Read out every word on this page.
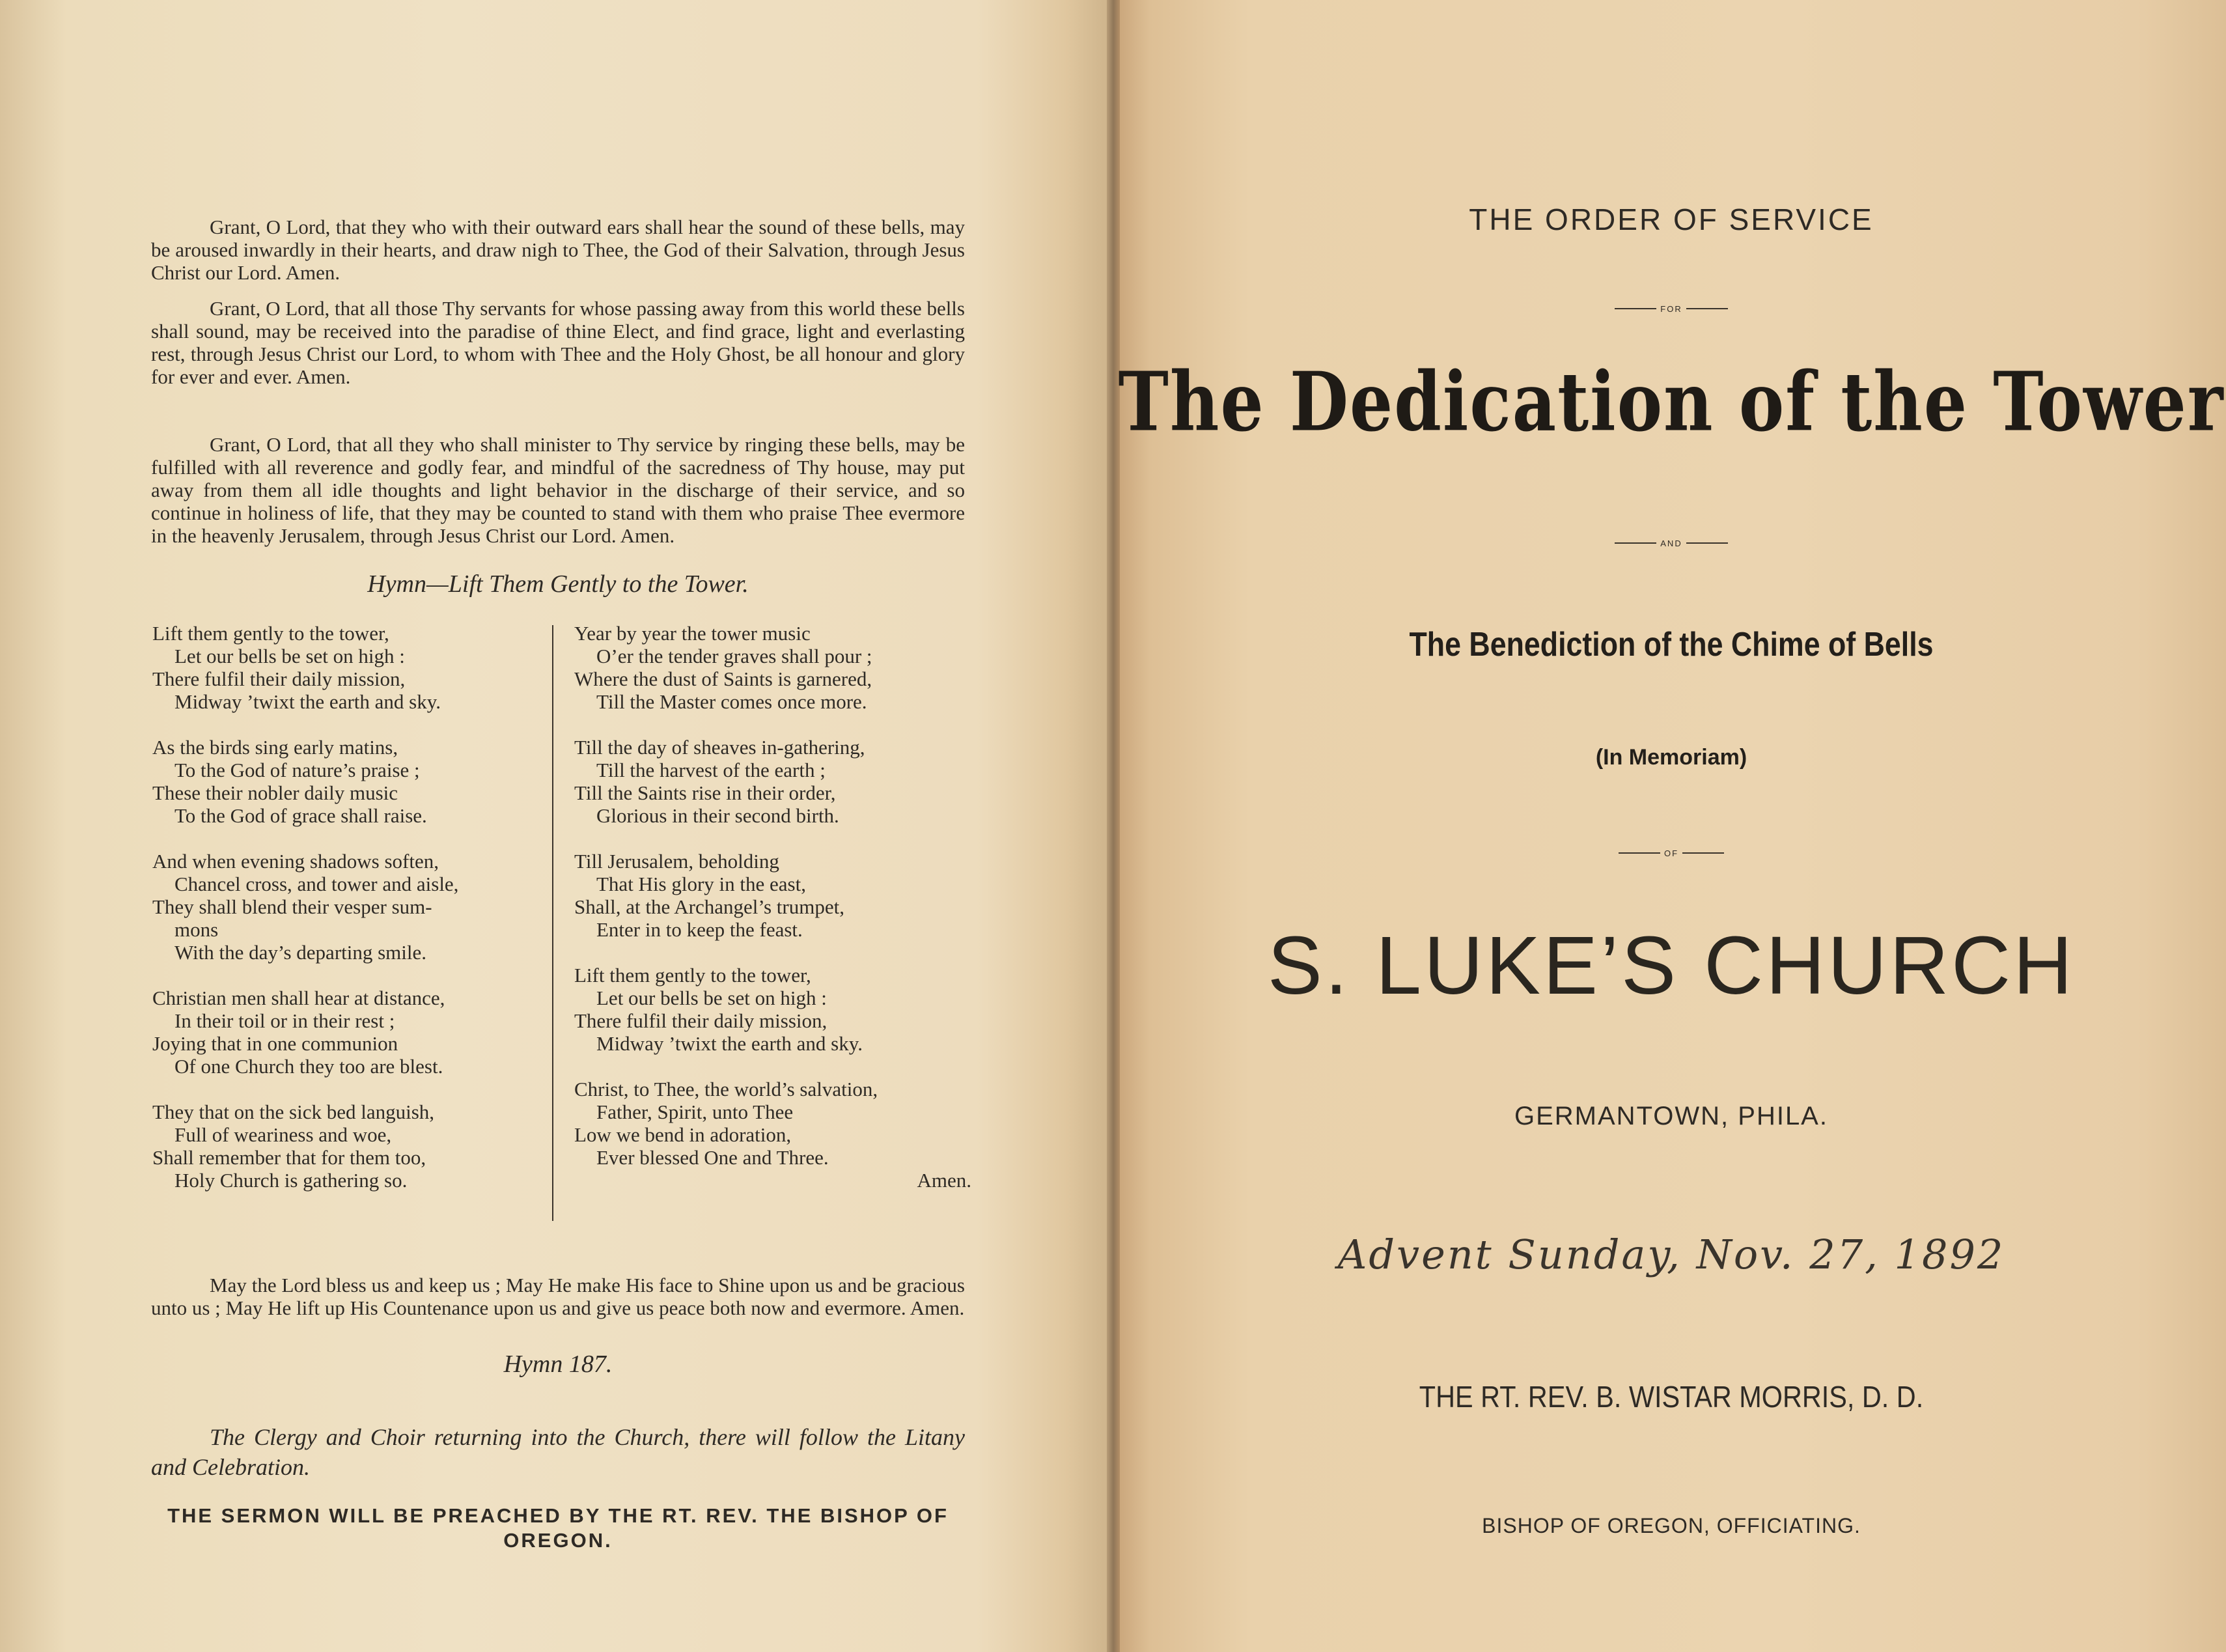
Grant, O Lord, that they who with their outward ears shall hear the sound of these bells, may be aroused inwardly in their hearts, and draw nigh to Thee, the God of their Salvation, through Jesus Christ our Lord. Amen.

Grant, O Lord, that all those Thy servants for whose passing away from this world these bells shall sound, may be received into the paradise of thine Elect, and find grace, light and everlasting rest, through Jesus Christ our Lord, to whom with Thee and the Holy Ghost, be all honour and glory for ever and ever. Amen.

Grant, O Lord, that all they who shall minister to Thy service by ringing these bells, may be fulfilled with all reverence and godly fear, and mindful of the sacredness of Thy house, may put away from them all idle thoughts and light behavior in the discharge of their service, and so continue in holiness of life, that they may be counted to stand with them who praise Thee evermore in the heavenly Jerusalem, through Jesus Christ our Lord. Amen.

Hymn—Lift Them Gently to the Tower.
Lift them gently to the tower,
Let our bells be set on high :
There fulfil their daily mission,
Midway ’twixt the earth and sky.
As the birds sing early matins,
To the God of nature’s praise ;
These their nobler daily music
To the God of grace shall raise.
And when evening shadows soften,
Chancel cross, and tower and aisle,
They shall blend their vesper sum-
mons
With the day’s departing smile.
Christian men shall hear at distance,
In their toil or in their rest ;
Joying that in one communion
Of one Church they too are blest.
They that on the sick bed languish,
Full of weariness and woe,
Shall remember that for them too,
Holy Church is gathering so.
Year by year the tower music
O’er the tender graves shall pour ;
Where the dust of Saints is garnered,
Till the Master comes once more.
Till the day of sheaves in-gathering,
Till the harvest of the earth ;
Till the Saints rise in their order,
Glorious in their second birth.
Till Jerusalem, beholding
That His glory in the east,
Shall, at the Archangel’s trumpet,
Enter in to keep the feast.
Lift them gently to the tower,
Let our bells be set on high :
There fulfil their daily mission,
Midway ’twixt the earth and sky.
Christ, to Thee, the world’s salvation,
Father, Spirit, unto Thee
Low we bend in adoration,
Ever blessed One and Three.
Amen.

May the Lord bless us and keep us ; May He make His face to Shine upon us and be gracious unto us ; May He lift up His Countenance upon us and give us peace both now and evermore. Amen.

Hymn 187.

The Clergy and Choir returning into the Church, there will follow the Litany and Celebration.

THE SERMON WILL BE PREACHED BY THE RT. REV. THE BISHOP OF OREGON.

THE ORDER OF SERVICE
FOR
The Dedication of the Tower
AND
The Benediction of the Chime of Bells
(In Memoriam)
OF
S. LUKE’S CHURCH
GERMANTOWN, PHILA.
Advent Sunday, Nov. 27, 1892
THE RT. REV. B. WISTAR MORRIS, D. D.
BISHOP OF OREGON, OFFICIATING.
